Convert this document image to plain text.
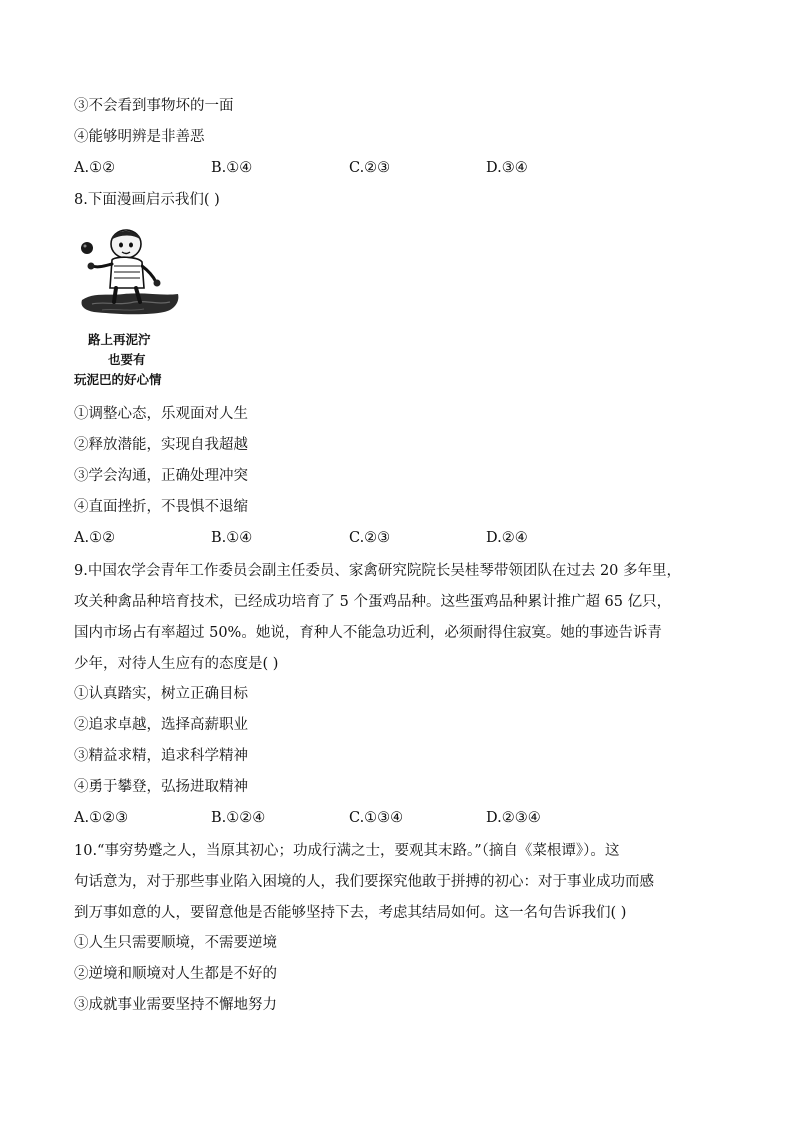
③不会看到事物坏的一面
④能够明辨是非善恶
A.①②	B.①④	C.②③	D.③④
8.下面漫画启示我们( )
路上再泥泞
也要有
玩泥巴的好心情
①调整心态，乐观面对人生
②释放潜能，实现自我超越
③学会沟通，正确处理冲突
④直面挫折，不畏惧不退缩
A.①②	B.①④	C.②③	D.②④
9.中国农学会青年工作委员会副主任委员、家禽研究院院长吴桂琴带领团队在过去 20 多年里，
攻关种禽品种培育技术，已经成功培育了 5 个蛋鸡品种。这些蛋鸡品种累计推广超 65 亿只，
国内市场占有率超过 50%。她说，育种人不能急功近利，必须耐得住寂寞。她的事迹告诉青
少年，对待人生应有的态度是( )
①认真踏实，树立正确目标
②追求卓越，选择高薪职业
③精益求精，追求科学精神
④勇于攀登，弘扬进取精神
A.①②③	B.①②④	C.①③④	D.②③④
10.“事穷势蹙之人，当原其初心；功成行满之士，要观其末路。”（摘自《菜根谭》）。这
句话意为，对于那些事业陷入困境的人，我们要探究他敢于拼搏的初心：对于事业成功而感
到万事如意的人，要留意他是否能够坚持下去，考虑其结局如何。这一名句告诉我们( )
①人生只需要顺境，不需要逆境
②逆境和顺境对人生都是不好的
③成就事业需要坚持不懈地努力
